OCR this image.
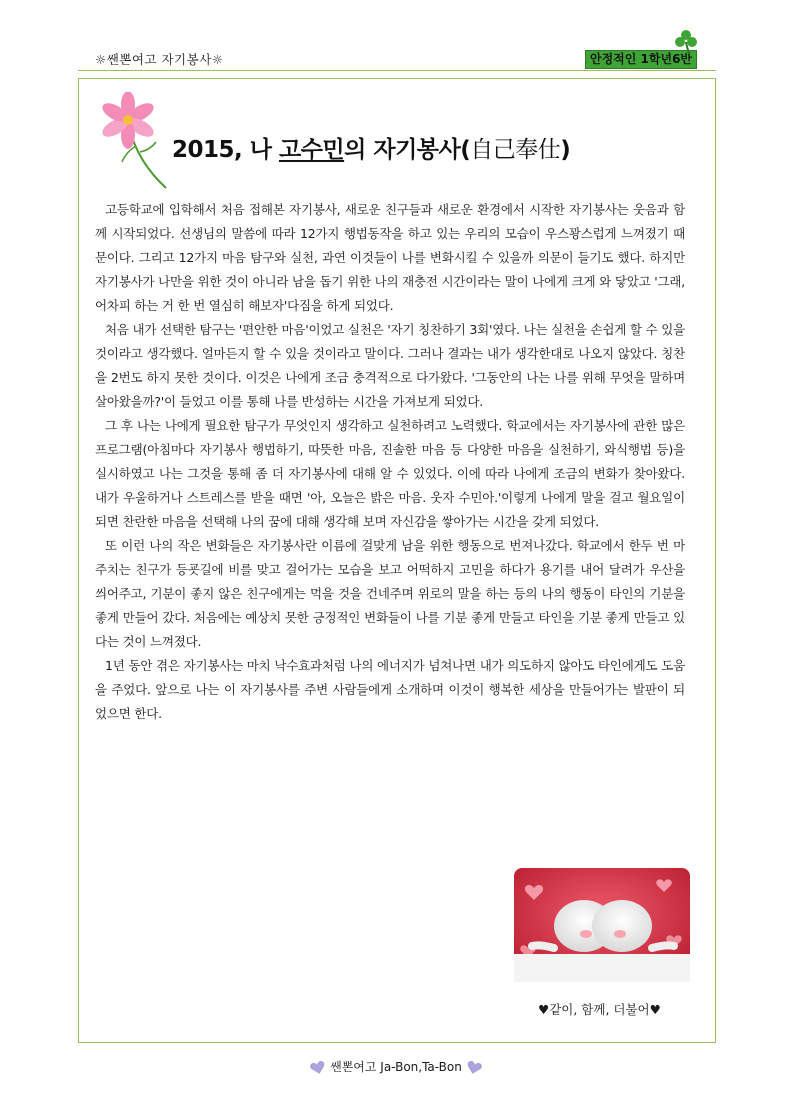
☼쌘뽄여고 자기봉사☼	안정적인 1학년6반
2015, 나 고수민의 자기봉사(自己奉仕)

고등학교에 입학해서 처음 접해본 자기봉사, 새로운 친구들과 새로운 환경에서 시작한 자기봉사는 웃음과 함께 시작되었다. 선생님의 말씀에 따라 12가지 행법동작을 하고 있는 우리의 모습이 우스꽝스럽게 느껴졌기 때문이다. 그리고 12가지 마음 탐구와 실천, 과연 이것들이 나를 변화시킬 수 있을까 의문이 들기도 했다. 하지만 자기봉사가 나만을 위한 것이 아니라 남을 돕기 위한 나의 재충전 시간이라는 말이 나에게 크게 와 닿았고 '그래, 어차피 하는 거 한 번 열심히 해보자'다짐을 하게 되었다.

처음 내가 선택한 탐구는 '편안한 마음'이었고 실천은 '자기 칭찬하기 3회'였다. 나는 실천을 손쉽게 할 수 있을 것이라고 생각했다. 얼마든지 할 수 있을 것이라고 말이다. 그러나 결과는 내가 생각한대로 나오지 않았다. 칭찬을 2번도 하지 못한 것이다. 이것은 나에게 조금 충격적으로 다가왔다. '그동안의 나는 나를 위해 무엇을 말하며 살아왔을까?'이 들었고 이를 통해 나를 반성하는 시간을 가져보게 되었다.

그 후 나는 나에게 필요한 탐구가 무엇인지 생각하고 실천하려고 노력했다. 학교에서는 자기봉사에 관한 많은 프로그램(아침마다 자기봉사 행법하기, 따뜻한 마음, 진솔한 마음 등 다양한 마음을 실천하기, 와식행법 등)을 실시하였고 나는 그것을 통해 좀 더 자기봉사에 대해 알 수 있었다. 이에 따라 나에게 조금의 변화가 찾아왔다. 내가 우울하거나 스트레스를 받을 때면 '아, 오늘은 밝은 마음. 웃자 수민아.'이렇게 나에게 말을 걸고 월요일이 되면 찬란한 마음을 선택해 나의 꿈에 대해 생각해 보며 자신감을 쌓아가는 시간을 갖게 되었다.

또 이런 나의 작은 변화들은 자기봉사란 이름에 걸맞게 남을 위한 행동으로 번져나갔다. 학교에서 한두 번 마주치는 친구가 등굣길에 비를 맞고 걸어가는 모습을 보고 어떡하지 고민을 하다가 용기를 내어 달려가 우산을 씌어주고, 기분이 좋지 않은 친구에게는 먹을 것을 건네주며 위로의 말을 하는 등의 나의 행동이 타인의 기분을 좋게 만들어 갔다. 처음에는 예상치 못한 긍정적인 변화들이 나를 기분 좋게 만들고 타인을 기분 좋게 만들고 있다는 것이 느껴졌다.

1년 동안 겪은 자기봉사는 마치 낙수효과처럼 나의 에너지가 넘쳐나면 내가 의도하지 않아도 타인에게도 도움을 주었다. 앞으로 나는 이 자기봉사를 주변 사람들에게 소개하며 이것이 행복한 세상을 만들어가는 발판이 되었으면 한다.

♥같이, 함께, 더불어♥
쌘뽄여고 Ja-Bon,Ta-Bon
